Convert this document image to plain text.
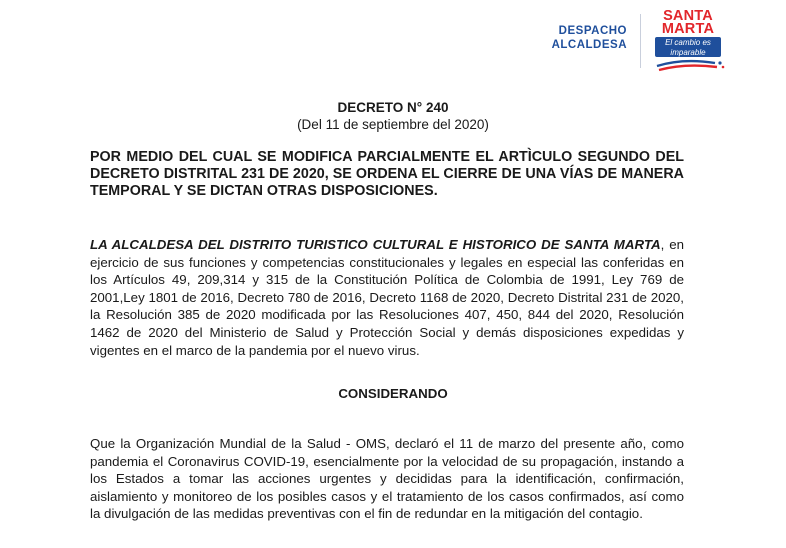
DESPACHO
ALCALDESA
SANTA
MARTA
El cambio es
imparable
DECRETO N° 240
(Del 11 de septiembre del 2020)
POR MEDIO DEL CUAL SE MODIFICA PARCIALMENTE EL ARTÌCULO SEGUNDO DEL DECRETO DISTRITAL 231 DE 2020, SE ORDENA EL CIERRE DE UNA VÍAS DE MANERA TEMPORAL Y SE DICTAN OTRAS DISPOSICIONES.
LA ALCALDESA DEL DISTRITO TURISTICO CULTURAL E HISTORICO DE SANTA MARTA, en ejercicio de sus funciones y competencias constitucionales y legales en especial las conferidas en los Artículos 49, 209,314 y 315 de la Constitución Política de Colombia de 1991, Ley 769 de 2001,Ley 1801 de 2016, Decreto 780 de 2016, Decreto 1168 de 2020, Decreto Distrital 231 de 2020, la Resolución 385 de 2020 modificada por las Resoluciones 407, 450, 844 del 2020, Resolución 1462 de 2020 del Ministerio de Salud y Protección Social y demás disposiciones expedidas y vigentes en el marco de la pandemia por el nuevo virus.
CONSIDERANDO
Que la Organización Mundial de la Salud - OMS, declaró el 11 de marzo del presente año, como pandemia el Coronavirus COVID-19, esencialmente por la velocidad de su propagación, instando a los Estados a tomar las acciones urgentes y decididas para la identificación, confirmación, aislamiento y monitoreo de los posibles casos y el tratamiento de los casos confirmados, así como la divulgación de las medidas preventivas con el fin de redundar en la mitigación del contagio.
